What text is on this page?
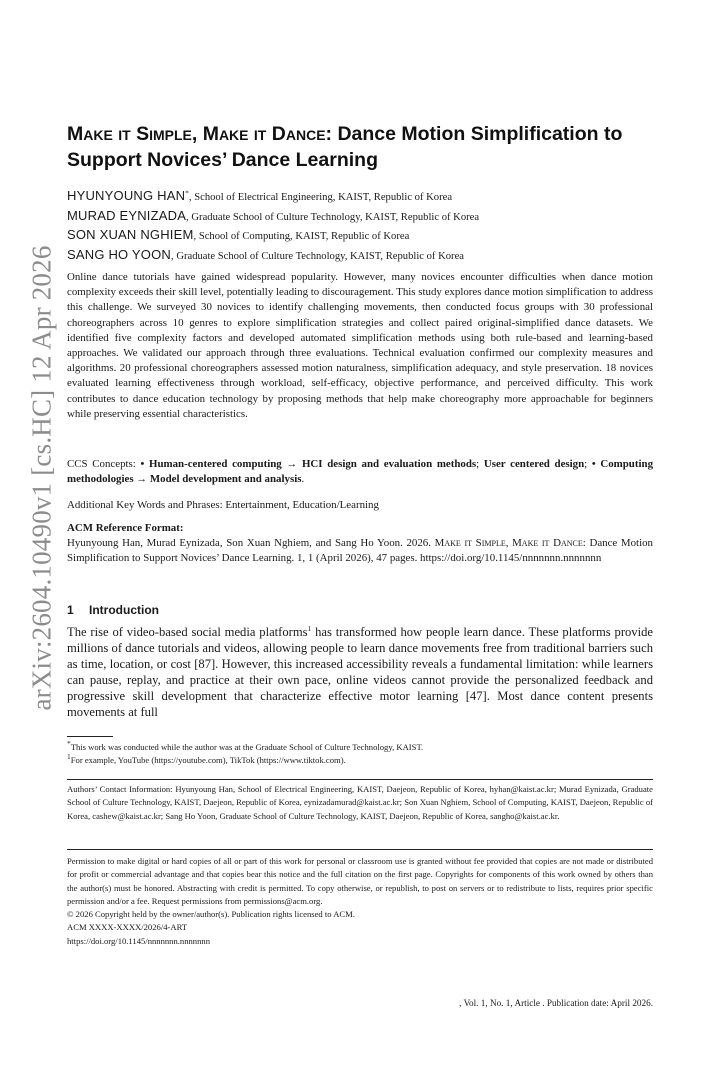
arXiv:2604.10490v1 [cs.HC] 12 Apr 2026
Make it Simple, Make it Dance: Dance Motion Simplification to Support Novices’ Dance Learning
HYUNYOUNG HAN*, School of Electrical Engineering, KAIST, Republic of Korea
MURAD EYNIZADA, Graduate School of Culture Technology, KAIST, Republic of Korea
SON XUAN NGHIEM, School of Computing, KAIST, Republic of Korea
SANG HO YOON, Graduate School of Culture Technology, KAIST, Republic of Korea
Online dance tutorials have gained widespread popularity. However, many novices encounter difficulties when dance motion complexity exceeds their skill level, potentially leading to discouragement. This study explores dance motion simplification to address this challenge. We surveyed 30 novices to identify challenging movements, then conducted focus groups with 30 professional choreographers across 10 genres to explore simplification strategies and collect paired original-simplified dance datasets. We identified five complexity factors and developed automated simplification methods using both rule-based and learning-based approaches. We validated our approach through three evaluations. Technical evaluation confirmed our complexity measures and algorithms. 20 professional choreographers assessed motion naturalness, simplification adequacy, and style preservation. 18 novices evaluated learning effectiveness through workload, self-efficacy, objective performance, and perceived difficulty. This work contributes to dance education technology by proposing methods that help make choreography more approachable for beginners while preserving essential characteristics.
CCS Concepts: • Human-centered computing → HCI design and evaluation methods; User centered design; • Computing methodologies → Model development and analysis.
Additional Key Words and Phrases: Entertainment, Education/Learning
ACM Reference Format:
Hyunyoung Han, Murad Eynizada, Son Xuan Nghiem, and Sang Ho Yoon. 2026. Make it Simple, Make it Dance: Dance Motion Simplification to Support Novices’ Dance Learning. 1, 1 (April 2026), 47 pages. https://doi.org/10.1145/nnnnnnn.nnnnnnn
1 Introduction
The rise of video-based social media platforms$^1$ has transformed how people learn dance. These platforms provide millions of dance tutorials and videos, allowing people to learn dance movements free from traditional barriers such as time, location, or cost [87]. However, this increased accessibility reveals a fundamental limitation: while learners can pause, replay, and practice at their own pace, online videos cannot provide the personalized feedback and progressive skill development that characterize effective motor learning [47]. Most dance content presents movements at full
*This work was conducted while the author was at the Graduate School of Culture Technology, KAIST.
$^1$For example, YouTube (https://youtube.com), TikTok (https://www.tiktok.com).
Authors’ Contact Information: Hyunyoung Han, School of Electrical Engineering, KAIST, Daejeon, Republic of Korea, hyhan@kaist.ac.kr; Murad Eynizada, Graduate School of Culture Technology, KAIST, Daejeon, Republic of Korea, eynizadamurad@kaist.ac.kr; Son Xuan Nghiem, School of Computing, KAIST, Daejeon, Republic of Korea, cashew@kaist.ac.kr; Sang Ho Yoon, Graduate School of Culture Technology, KAIST, Daejeon, Republic of Korea, sangho@kaist.ac.kr.

Permission to make digital or hard copies of all or part of this work for personal or classroom use is granted without fee provided that copies are not made or distributed for profit or commercial advantage and that copies bear this notice and the full citation on the first page. Copyrights for components of this work owned by others than the author(s) must be honored. Abstracting with credit is permitted. To copy otherwise, or republish, to post on servers or to redistribute to lists, requires prior specific permission and/or a fee. Request permissions from permissions@acm.org.

© 2026 Copyright held by the owner/author(s). Publication rights licensed to ACM.
ACM XXXX-XXXX/2026/4-ART
https://doi.org/10.1145/nnnnnnn.nnnnnnn
, Vol. 1, No. 1, Article . Publication date: April 2026.
